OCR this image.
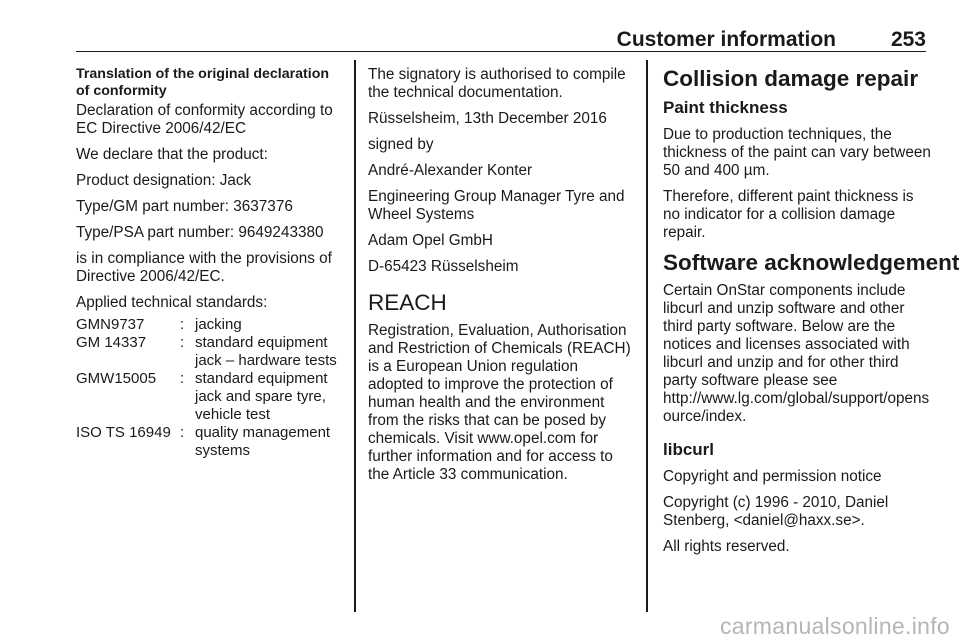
Customer information	253
Translation of the original declaration of conformity

Declaration of conformity according to EC Directive 2006/42/EC

We declare that the product:

Product designation: Jack

Type/GM part number: 3637376

Type/PSA part number: 9649243380

is in compliance with the provisions of Directive 2006/42/EC.

Applied technical standards:

GMN9737	:	jacking
GM 14337	:	standard equipment jack – hardware tests
GMW15005	:	standard equipment jack and spare tyre, vehicle test
ISO TS 16949	:	quality management systems

The signatory is authorised to compile the technical documentation.

Rüsselsheim, 13th December 2016

signed by

André-Alexander Konter

Engineering Group Manager Tyre and Wheel Systems

Adam Opel GmbH

D-65423 Rüsselsheim

REACH

Registration, Evaluation, Authorisation and Restriction of Chemicals (REACH) is a European Union regulation adopted to improve the protection of human health and the environment from the risks that can be posed by chemicals. Visit www.opel.com for further information and for access to the Article 33 communication.

Collision damage repair
Paint thickness

Due to production techniques, the thickness of the paint can vary between 50 and 400 µm.

Therefore, different paint thickness is no indicator for a collision damage repair.

Software acknowledgement

Certain OnStar components include libcurl and unzip software and other third party software. Below are the notices and licenses associated with libcurl and unzip and for other third party software please see http://www.lg.com/global/support/opensource/index.

libcurl

Copyright and permission notice

Copyright (c) 1996 - 2010, Daniel Stenberg, <daniel@haxx.se>.

All rights reserved.

carmanualsonline.info
